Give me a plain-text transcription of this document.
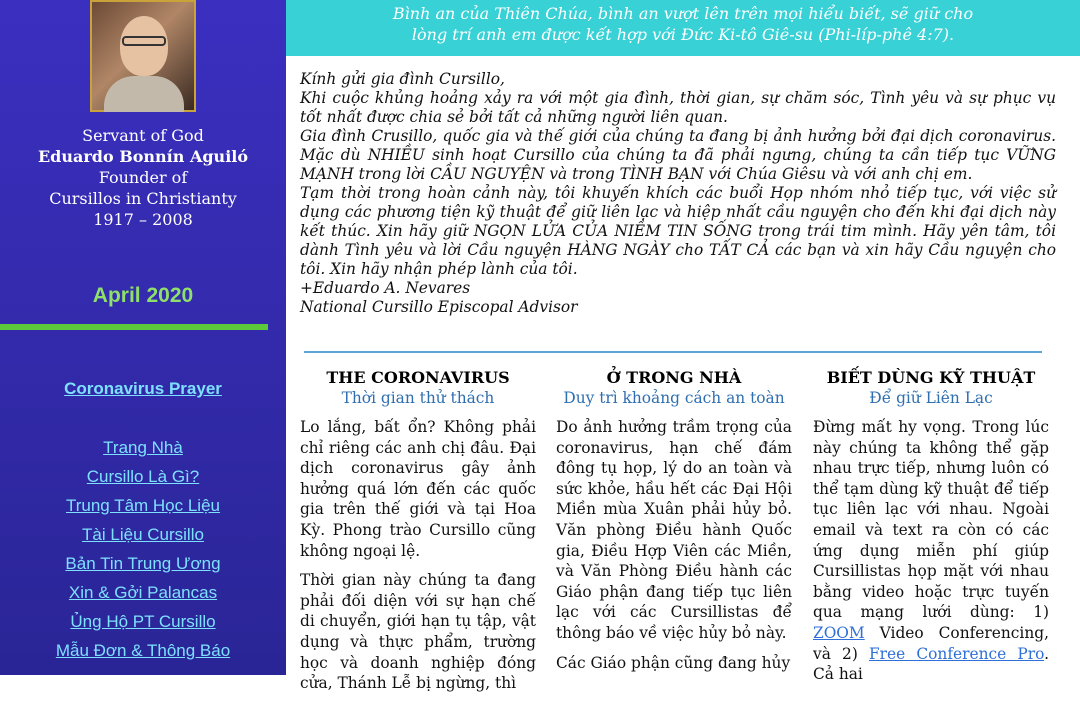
Servant of God
Eduardo Bonnín Aguiló
Founder of
Cursillos in Christianty
1917 – 2008
April 2020
Coronavirus Prayer
Trang Nhà
Cursillo Là Gì?
Trung Tâm Học Liệu
Tài Liệu Cursillo
Bản Tin Trung Ương
Xin & Gởi Palancas
Ủng Hộ PT Cursillo
Mẫu Đơn & Thông Báo
Bình an của Thiên Chúa, bình an vượt lên trên mọi hiểu biết, sẽ giữ cho
lòng trí anh em được kết hợp với Đức Ki-tô Giê-su (Phi-líp-phê 4:7).

Kính gửi gia đình Cursillo,

Khi cuộc khủng hoảng xảy ra với một gia đình, thời gian, sự chăm sóc, Tình yêu và sự phục vụ tốt nhất được chia sẻ bởi tất cả những người liên quan.

Gia đình Crusillo, quốc gia và thế giới của chúng ta đang bị ảnh hưởng bởi đại dịch coronavirus. Mặc dù NHIỀU sinh hoạt Cursillo của chúng ta đã phải ngưng, chúng ta cần tiếp tục VỮNG MẠNH trong lời CẦU NGUYỆN và trong TÌNH BẠN với Chúa Giêsu và với anh chị em.

Tạm thời trong hoàn cảnh này, tôi khuyến khích các buổi Họp nhóm nhỏ tiếp tục, với việc sử dụng các phương tiện kỹ thuật để giữ liên lạc và hiệp nhất cầu nguyện cho đến khi đại dịch này kết thúc. Xin hãy giữ NGỌN LỬA CỦA NIỀM TIN SỐNG trong trái tim mình. Hãy yên tâm, tôi dành Tình yêu và lời Cầu nguyện HÀNG NGÀY cho TẤT CẢ các bạn và xin hãy Cầu nguyện cho tôi. Xin hãy nhận phép lành của tôi.

+Eduardo A. Nevares

National Cursillo Episcopal Advisor

THE CORONAVIRUS
Thời gian thử thách

Lo lắng, bất ổn? Không phải chỉ riêng các anh chị đâu. Đại dịch coronavirus gây ảnh hưởng quá lớn đến các quốc gia trên thế giới và tại Hoa Kỳ. Phong trào Cursillo cũng không ngoại lệ.

Thời gian này chúng ta đang phải đối diện với sự hạn chế di chuyển, giới hạn tụ tập, vật dụng và thực phẩm, trường học và doanh nghiệp đóng cửa, Thánh Lễ bị ngừng, thì

Ở TRONG NHÀ
Duy trì khoảng cách an toàn

Do ảnh hưởng trầm trọng của coronavirus, hạn chế đám đông tụ họp, lý do an toàn và sức khỏe, hầu hết các Đại Hội Miền mùa Xuân phải hủy bỏ. Văn phòng Điều hành Quốc gia, Điều Hợp Viên các Miền, và Văn Phòng Điều hành các Giáo phận đang tiếp tục liên lạc với các Cursillistas để thông báo về việc hủy bỏ này.

Các Giáo phận cũng đang hủy

BIẾT DÙNG KỸ THUẬT
Để giữ Liên Lạc

Đừng mất hy vọng. Trong lúc này chúng ta không thể gặp nhau trực tiếp, nhưng luôn có thể tạm dùng kỹ thuật để tiếp tục liên lạc với nhau. Ngoài email và text ra còn có các ứng dụng miễn phí giúp Cursillistas họp mặt với nhau bằng video hoặc trực tuyến qua mạng lưới dùng: 1) ZOOM Video Conferencing, và 2) Free Conference Pro. Cả hai
